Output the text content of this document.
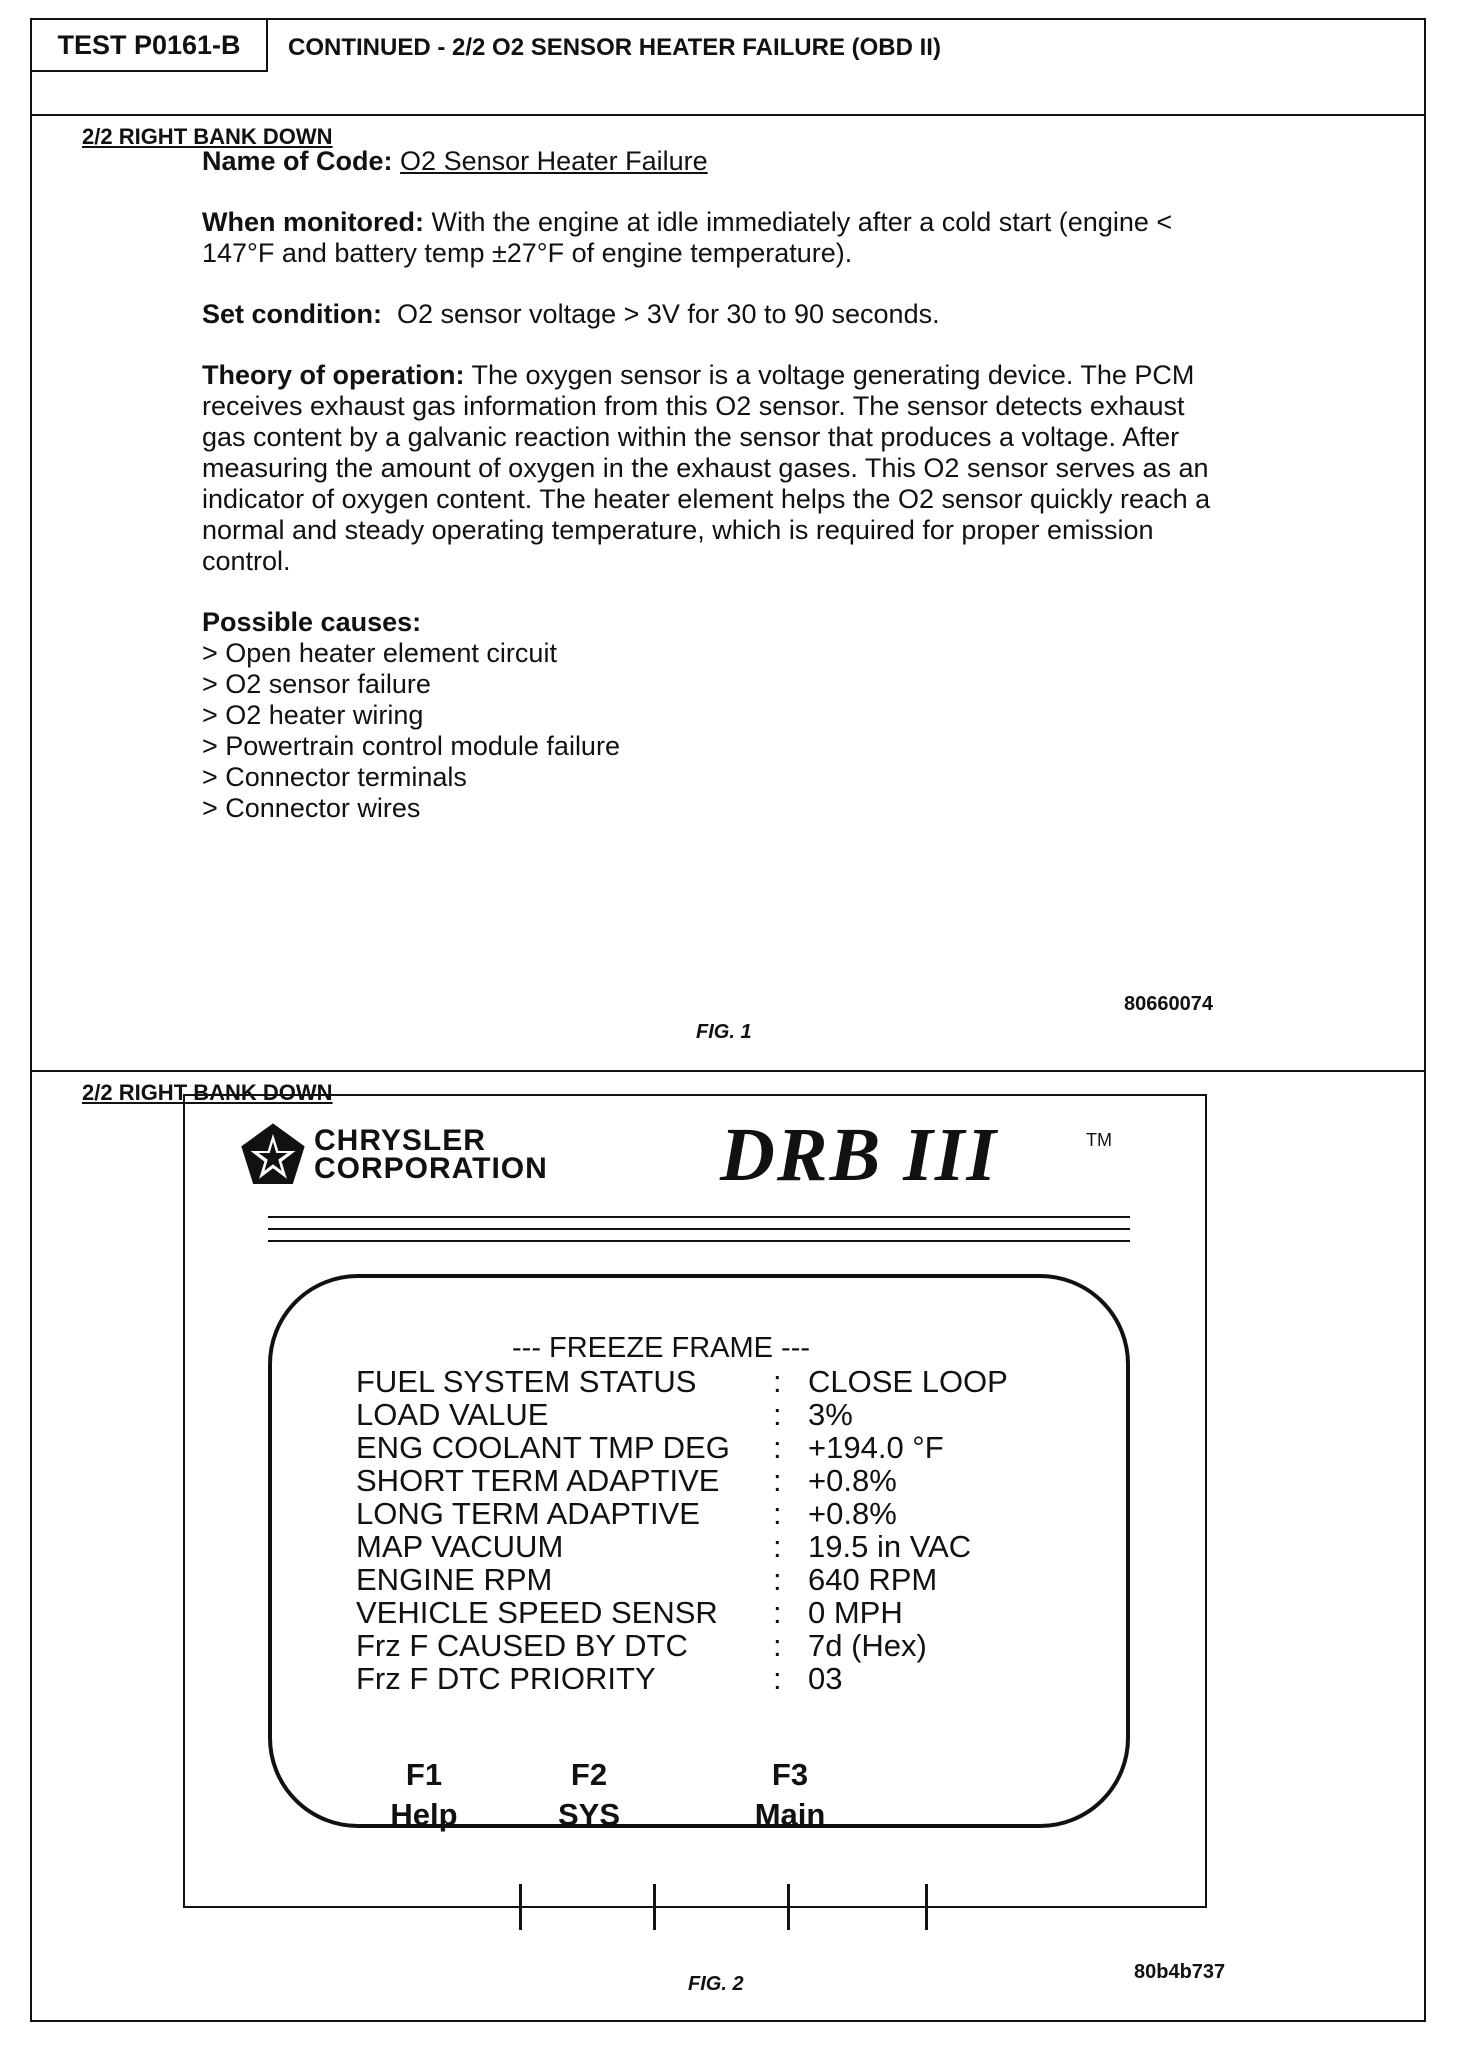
TEST P0161-B	CONTINUED - 2/2 O2 SENSOR HEATER FAILURE (OBD II)
2/2 RIGHT BANK DOWN

Name of Code: O2 Sensor Heater Failure

When monitored: With the engine at idle immediately after a cold start (engine < 147°F and battery temp ±27°F of engine temperature).

Set condition: O2 sensor voltage > 3V for 30 to 90 seconds.

Theory of operation: The oxygen sensor is a voltage generating device. The PCM receives exhaust gas information from this O2 sensor. The sensor detects exhaust gas content by a galvanic reaction within the sensor that produces a voltage. After measuring the amount of oxygen in the exhaust gases. This O2 sensor serves as an indicator of oxygen content. The heater element helps the O2 sensor quickly reach a normal and steady operating temperature, which is required for proper emission control.

Possible causes:
> Open heater element circuit
> O2 sensor failure
> O2 heater wiring
> Powertrain control module failure
> Connector terminals
> Connector wires
80660074
FIG. 1
2/2 RIGHT BANK DOWN
CHRYSLER
CORPORATION DRB III	TM
--- FREEZE FRAME ---
FUEL SYSTEM STATUS : CLOSE LOOP
LOAD VALUE	: 3%
ENG COOLANT TMP DEG : +194.0 °F
SHORT TERM ADAPTIVE : +0.8%
LONG TERM ADAPTIVE : +0.8%
MAP VACUUM	: 19.5 in VAC
ENGINE RPM	: 640 RPM
VEHICLE SPEED SENSR : 0 MPH
Frz F CAUSED BY DTC	: 7d (Hex)
Frz F DTC PRIORITY	: 03
F1
Help
F2
SYS
F3
Main
80b4b737
FIG. 2
